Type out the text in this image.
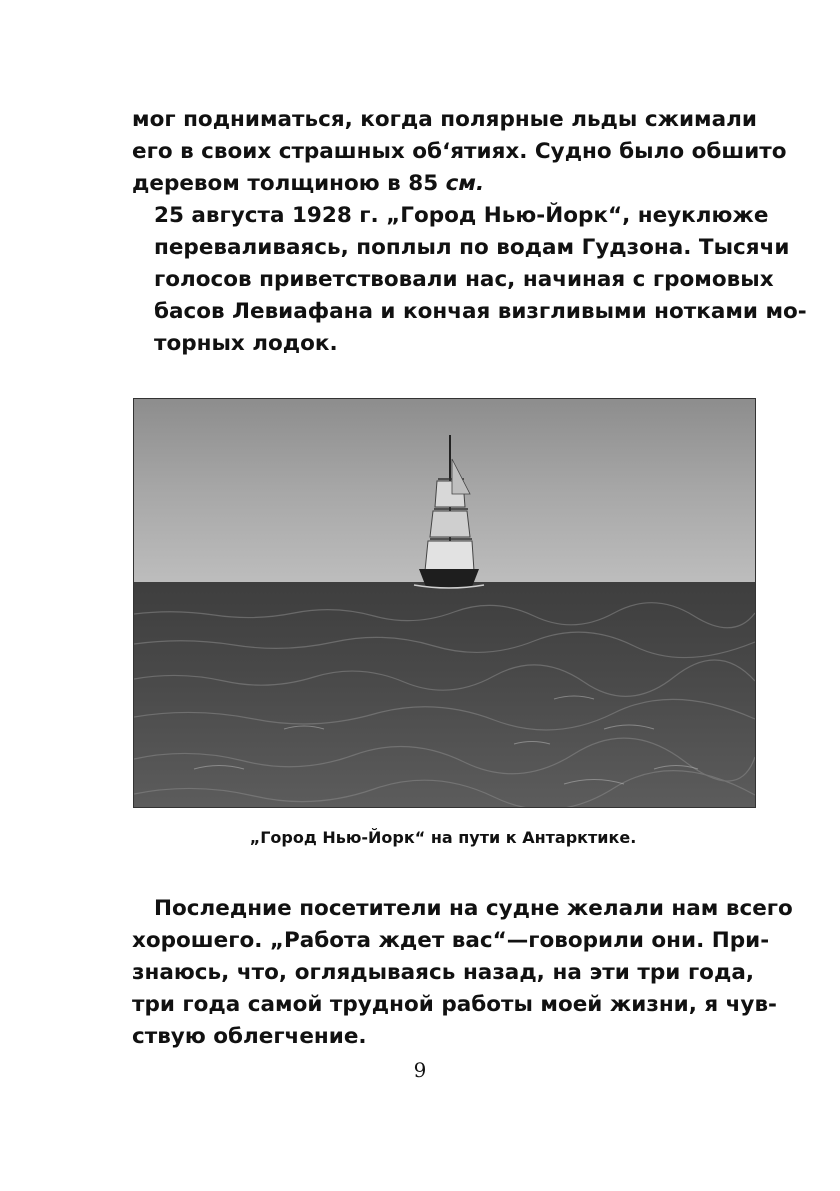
мог подниматься, когда полярные льды сжимали
его в своих страшных об‘ятиях. Судно было обшито
деревом толщиною в 85 см.

25 августа 1928 г. „Город Нью-Йорк“, неуклюже
переваливаясь, поплыл по водам Гудзона. Тысячи
голосов приветствовали нас, начиная с громовых
басов Левиафана и кончая визгливыми нотками мо-
торных лодок.

„Город Нью-Йорк“ на пути к Антарктике.

Последние посетители на судне желали нам всего
хорошего. „Работа ждет вас“—говорили они. При-
знаюсь, что, оглядываясь назад, на эти три года,
три года самой трудной работы моей жизни, я чув-
ствую облегчение.

9
